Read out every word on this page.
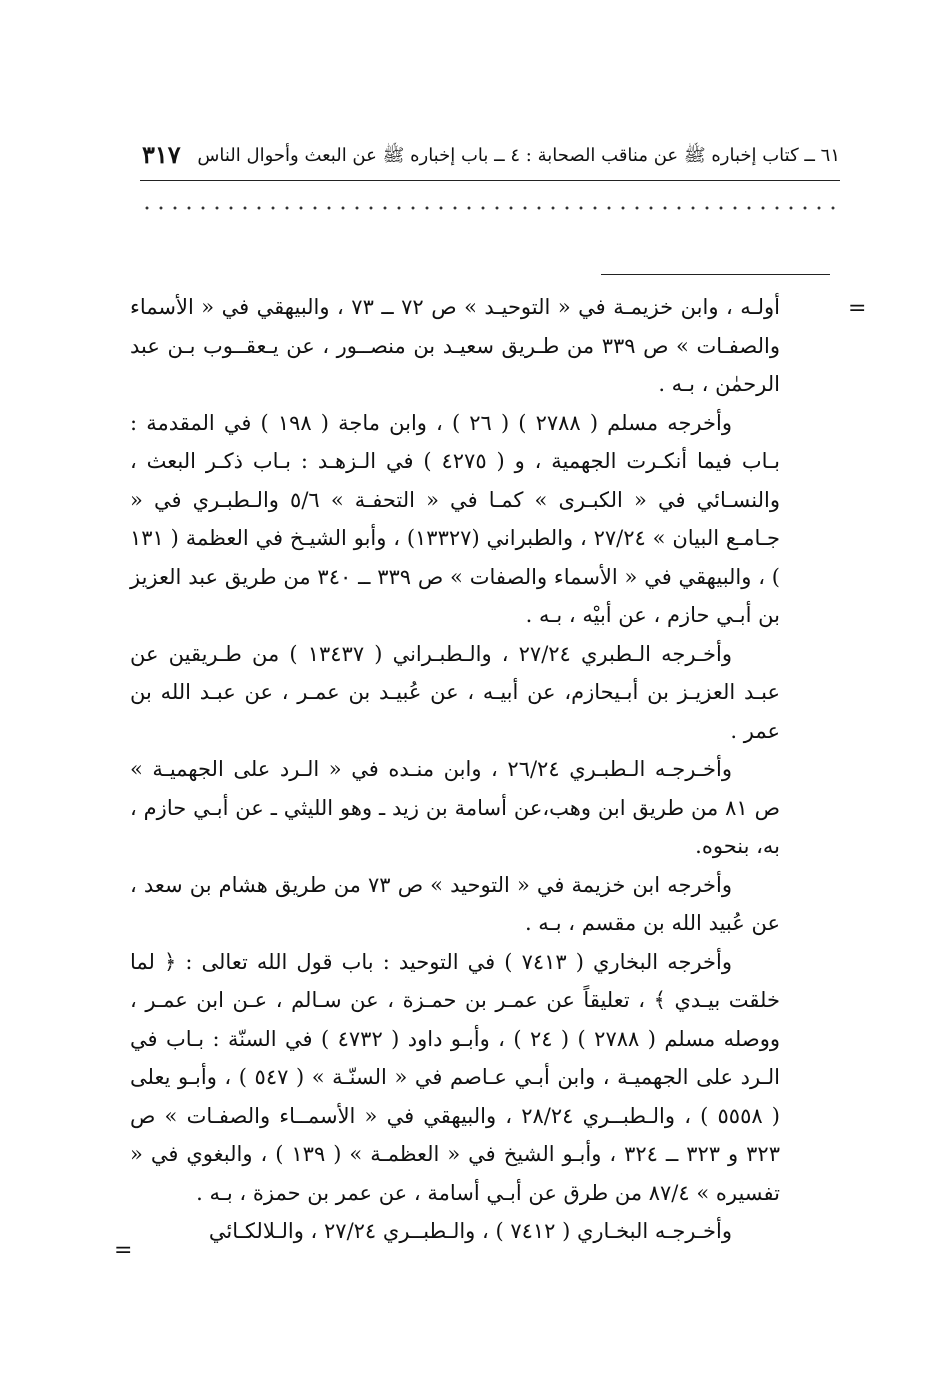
٦١ ــ كتاب إخباره ﷺ عن مناقب الصحابة : ٤ ــ باب إخباره ﷺ عن البعث وأحوال الناس
٣١٧
=

أولـه ، وابن خزيمـة في « التوحيـد » ص ٧٢ ــ ٧٣ ، والبيهقي في « الأسماء والصفـات » ص ٣٣٩ من طـريق سعيـد بن منصــور ، عن يـعقــوب بـن عبد الرحمٰن ، بـه .

وأخرجه مسلم ( ٢٧٨٨ ) ( ٢٦ ) ، وابن ماجة ( ١٩٨ ) في المقدمة : بـاب فيما أنكـرت الجهمية ، و ( ٤٢٧٥ ) في الـزهـد : بـاب ذكـر البعث ، والنسـائي في « الكبـرى » كمـا في « التحفـة » ٥/٦ والـطبـري في « جـامـع البيان » ٢٧/٢٤ ، والطبراني (١٣٣٢٧) ، وأبو الشيـخ في العظمة ( ١٣١ ) ، والبيهقي في « الأسماء والصفات » ص ٣٣٩ ــ ٣٤٠ من طريق عبد العزيز بن أبـي حازم ، عن أبيْه ، بـه .

وأخـرجه الـطبري ٢٧/٢٤ ، والـطبـراني ( ١٣٤٣٧ ) من طـريقين عن عبـد العزيـز بن أبـيحازم، عن أبيـه ، عن عُبيـد بن عمـر ، عن عبـد الله بن عمر .

وأخـرجـه الـطبـري ٢٦/٢٤ ، وابن منـده في « الـرد على الجهميـة » ص ٨١ من طريق ابن وهب،عن أسامة بن زيد ـ وهو الليثي ـ عن أبـي حازم ، به، بنحوه.

وأخرجه ابن خزيمة في « التوحيد » ص ٧٣ من طريق هشام بن سعد ، عن عُبيد الله بن مقسم ، بـه .

وأخرجه البخاري ( ٧٤١٣ ) في التوحيد : باب قول الله تعالى : ﴿ لما خلقت بيـدي ﴾ ، تعليقاً عن عمـر بن حمـزة ، عن سـالم ، عـن ابن عمـر ، ووصله مسلم ( ٢٧٨٨ ) ( ٢٤ ) ، وأبـو داود ( ٤٧٣٢ ) في السنّة : بـاب في الـرد على الجهميـة ، وابن أبـي عـاصم في « السنّـة » ( ٥٤٧ ) ، وأبـو يعلى ( ٥٥٥٨ ) ، والـطبــري ٢٨/٢٤ ، والبيهقي في « الأسمــاء والصفـات » ص ٣٢٣ و ٣٢٣ ــ ٣٢٤ ، وأبـو الشيخ في « العظمـة » ( ١٣٩ ) ، والبغوي في « تفسيره » ٨٧/٤ من طرق عن أبـي أسامة ، عن عمر بن حمزة ، بـه .

وأخـرجـه البخـاري ( ٧٤١٢ ) ، والـطبــري ٢٧/٢٤ ، والـلالكـائي

=
